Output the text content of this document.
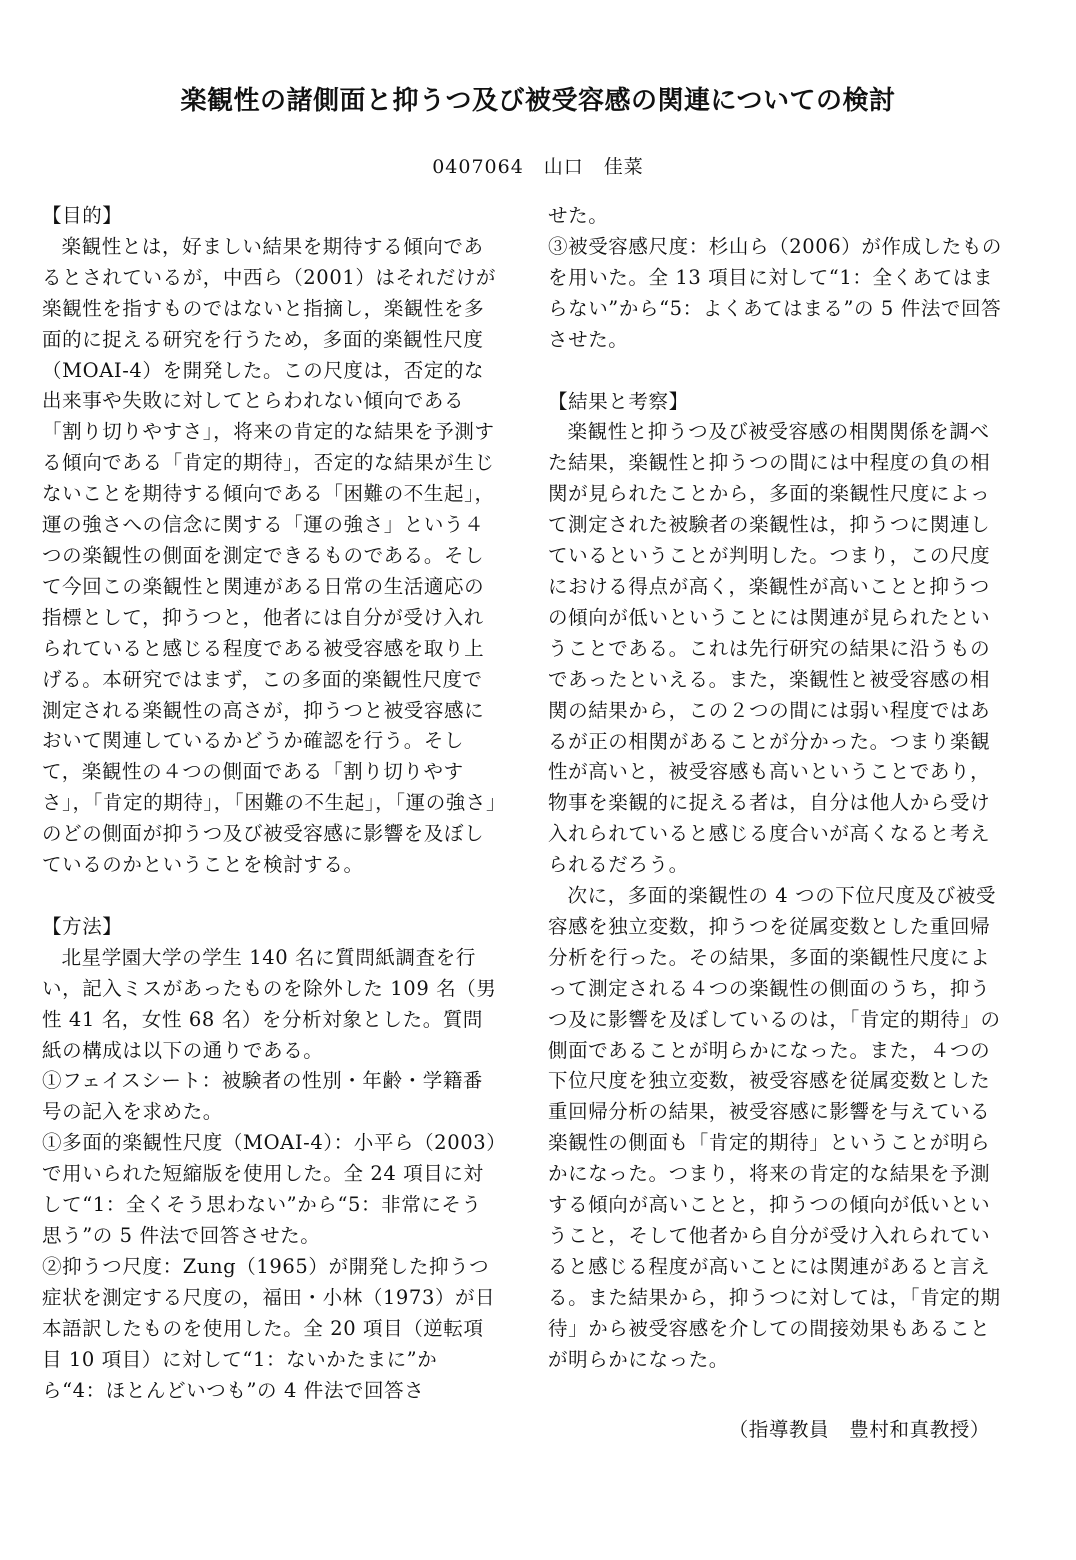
楽観性の諸側面と抑うつ及び被受容感の関連についての検討
0407064　山口　佳菜

【目的】

楽観性とは，好ましい結果を期待する傾向であるとされているが，中西ら（2001）はそれだけが楽観性を指すものではないと指摘し，楽観性を多面的に捉える研究を行うため，多面的楽観性尺度（MOAI-4）を開発した。この尺度は，否定的な出来事や失敗に対してとらわれない傾向である「割り切りやすさ」，将来の肯定的な結果を予測する傾向である「肯定的期待」，否定的な結果が生じないことを期待する傾向である「困難の不生起」，運の強さへの信念に関する「運の強さ」という４つの楽観性の側面を測定できるものである。そして今回この楽観性と関連がある日常の生活適応の指標として，抑うつと，他者には自分が受け入れられていると感じる程度である被受容感を取り上げる。本研究ではまず，この多面的楽観性尺度で測定される楽観性の高さが，抑うつと被受容感において関連しているかどうか確認を行う。そして，楽観性の４つの側面である「割り切りやすさ」，「肯定的期待」，「困難の不生起」，「運の強さ」のどの側面が抑うつ及び被受容感に影響を及ぼしているのかということを検討する。

【方法】

北星学園大学の学生 140 名に質問紙調査を行い，記入ミスがあったものを除外した 109 名（男性 41 名，女性 68 名）を分析対象とした。質問紙の構成は以下の通りである。

①フェイスシート：被験者の性別・年齢・学籍番号の記入を求めた。

①多面的楽観性尺度（MOAI-4）：小平ら（2003）で用いられた短縮版を使用した。全 24 項目に対して“1：全くそう思わない”から“5：非常にそう思う”の 5 件法で回答させた。

②抑うつ尺度：Zung（1965）が開発した抑うつ症状を測定する尺度の，福田・小林（1973）が日本語訳したものを使用した。全 20 項目（逆転項目 10 項目）に対して“1：ないかたまに”から“4：ほとんどいつも”の 4 件法で回答さ

せた。

③被受容感尺度：杉山ら（2006）が作成したものを用いた。全 13 項目に対して“1：全くあてはまらない”から“5：よくあてはまる”の 5 件法で回答させた。

【結果と考察】

楽観性と抑うつ及び被受容感の相関関係を調べた結果，楽観性と抑うつの間には中程度の負の相関が見られたことから，多面的楽観性尺度によって測定された被験者の楽観性は，抑うつに関連しているということが判明した。つまり，この尺度における得点が高く，楽観性が高いことと抑うつの傾向が低いということには関連が見られたということである。これは先行研究の結果に沿うものであったといえる。また，楽観性と被受容感の相関の結果から，この２つの間には弱い程度ではあるが正の相関があることが分かった。つまり楽観性が高いと，被受容感も高いということであり，物事を楽観的に捉える者は，自分は他人から受け入れられていると感じる度合いが高くなると考えられるだろう。

次に，多面的楽観性の 4 つの下位尺度及び被受容感を独立変数，抑うつを従属変数とした重回帰分析を行った。その結果，多面的楽観性尺度によって測定される４つの楽観性の側面のうち，抑うつ及に影響を及ぼしているのは，「肯定的期待」の側面であることが明らかになった。また，４つの下位尺度を独立変数，被受容感を従属変数とした重回帰分析の結果，被受容感に影響を与えている楽観性の側面も「肯定的期待」ということが明らかになった。つまり，将来の肯定的な結果を予測する傾向が高いことと，抑うつの傾向が低いということ，そして他者から自分が受け入れられていると感じる程度が高いことには関連があると言える。また結果から，抑うつに対しては，「肯定的期待」から被受容感を介しての間接効果もあることが明らかになった。

（指導教員　豊村和真教授）
